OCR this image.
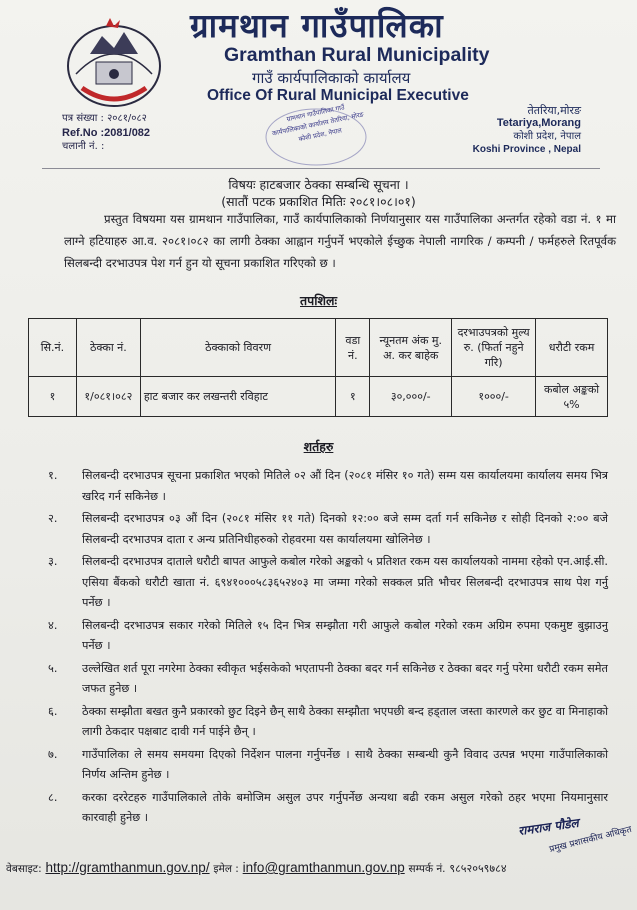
ग्रामथान गाउँपालिका
Gramthan Rural Municipality
गाउँ कार्यपालिकाको कार्यालय
Office Of Rural Municipal Executive
पत्र संख्या : २०८१/०८२
Ref.No :2081/082
चलानी नं. :
ग्रामथान गाउँपालिका गाउँ कार्यपालिकाको कार्यालय तेतरिया, मोरङ कोशी प्रदेश, नेपाल
तेतरिया,मोरङ
Tetariya,Morang
कोशी प्रदेश, नेपाल
Koshi Province , Nepal
विषयः हाटबजार ठेक्का सम्बन्धि सूचना ।
(सातौं पटक प्रकाशित मितिः २०८१।०८।०१)
प्रस्तुत विषयमा यस ग्रामथान गाउँपालिका, गाउँ कार्यपालिकाको निर्णयानुसार यस गाउँपालिका अन्तर्गत रहेको वडा नं. १ मा लाग्ने हटियाहरु आ.व. २०८१।०८२ का लागी ठेक्का आह्वान गर्नुपर्ने भएकोले ईच्छुक नेपाली नागरिक / कम्पनी / फर्महरुले रितपूर्वक सिलबन्दी दरभाउपत्र पेश गर्न हुन यो सूचना प्रकाशित गरिएको छ ।
तपशिलः
सि.नं.	ठेक्का नं.	ठेक्काको विवरण	वडा नं.	न्यूनतम अंक मु. अ. कर बाहेक	दरभाउपत्रको मुल्य रु. (फिर्ता नहुने गरि)	धरौटी रकम
१	१/०८१।०८२	हाट बजार कर लखन्तरी रविहाट	१	३०,०००/-	१०००/-	कबोल अङ्कको ५%
शर्तहरु
१. सिलबन्दी दरभाउपत्र सूचना प्रकाशित भएको मितिले ०२ औं दिन (२०८१ मंसिर १० गते) सम्म यस कार्यालयमा कार्यालय समय भित्र खरिद गर्न सकिनेछ ।
२. सिलबन्दी दरभाउपत्र ०३ औं दिन (२०८१ मंसिर ११ गते) दिनको १२:०० बजे सम्म दर्ता गर्न सकिनेछ र सोही दिनको २:०० बजे सिलबन्दी दरभाउपत्र दाता र अन्य प्रतिनिधीहरुको रोहवरमा यस कार्यालयमा खोलिनेछ ।
३. सिलबन्दी दरभाउपत्र दाताले धरौटी बापत आफुले कबोल गरेको अङ्कको ५ प्रतिशत रकम यस कार्यालयको नाममा रहेको एन.आई.सी. एसिया बैंकको धरौटी खाता नं. ६९४१०००५८३६५२४०३ मा जम्मा गरेको सक्कल प्रति भौचर सिलबन्दी दरभाउपत्र साथ पेश गर्नु पर्नेछ ।
४. सिलबन्दी दरभाउपत्र सकार गरेको मितिले १५ दिन भित्र सम्झौता गरी आफुले कबोल गरेको रकम अग्रिम रुपमा एकमुष्ट बुझाउनु पर्नेछ ।
५. उल्लेखित शर्त पूरा नगरेमा ठेक्का स्वीकृत भईसकेको भएतापनी ठेक्का बदर गर्न सकिनेछ र ठेक्का बदर गर्नु परेमा धरौटी रकम समेत जफत हुनेछ ।
६. ठेक्का सम्झौता बखत कुनै प्रकारको छुट दिइने छैन् साथै ठेक्का सम्झौता भएपछी बन्द हड्ताल जस्ता कारणले कर छुट वा मिनाहाको लागी ठेकदार पक्षबाट दावी गर्न पाईने छैन् ।
७. गाउँपालिका ले समय समयमा दिएको निर्देशन पालना गर्नुपर्नेछ । साथै ठेक्का सम्बन्धी कुनै विवाद उत्पन्न भएमा गाउँपालिकाको निर्णय अन्तिम हुनेछ ।
८. करका दररेटहरु गाउँपालिकाले तोके बमोजिम असुल उपर गर्नुपर्नेछ अन्यथा बढी रकम असुल गरेको ठहर भएमा नियमानुसार कारवाही हुनेछ ।	रामराज पौडेल
प्रमुख प्रशासकीय अधिकृत
वेबसाइट: http://gramthanmun.gov.np/ इमेल : info@gramthanmun.gov.np सम्पर्क नं. ९८५२०५९७८४
